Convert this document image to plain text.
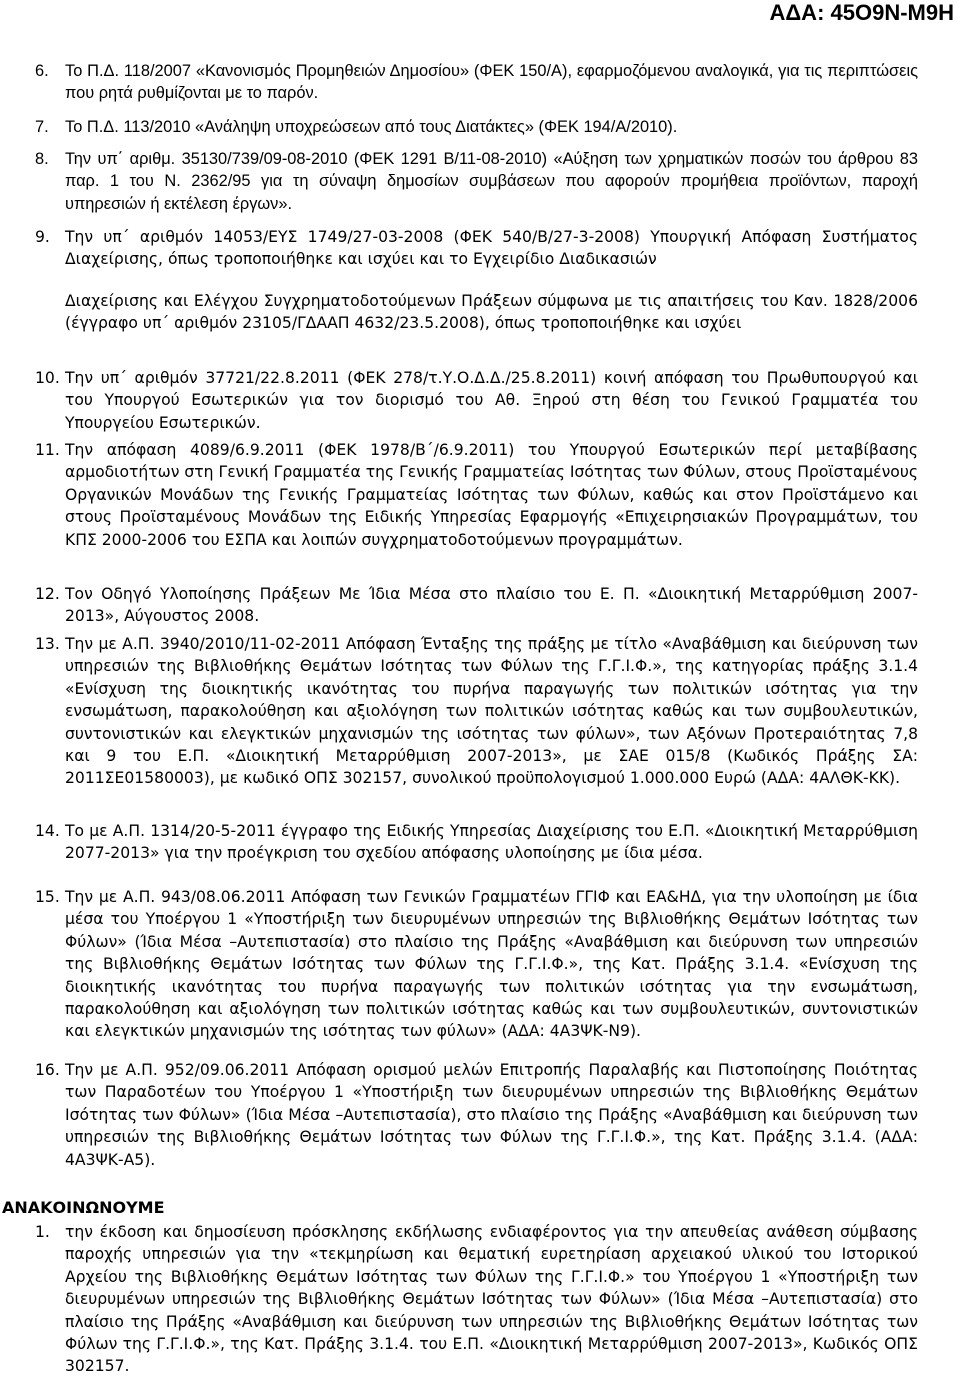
ΑΔΑ: 45Ο9Ν-Μ9Η
6. Το Π.Δ. 118/2007 «Κανονισμός Προμηθειών Δημοσίου» (ΦΕΚ 150/Α), εφαρμοζόμενου αναλογικά, για τις περιπτώσεις που ρητά ρυθμίζονται με το παρόν.
7. Το Π.Δ. 113/2010 «Ανάληψη υποχρεώσεων από τους Διατάκτες» (ΦΕΚ 194/Α/2010).
8. Την υπ΄ αριθμ. 35130/739/09-08-2010 (ΦΕΚ 1291 Β/11-08-2010) «Αύξηση των χρηματικών ποσών του άρθρου 83 παρ. 1 του Ν. 2362/95 για τη σύναψη δημοσίων συμβάσεων που αφορούν προμήθεια προϊόντων, παροχή υπηρεσιών ή εκτέλεση έργων».
9. Την υπ΄ αριθμόν 14053/ΕΥΣ 1749/27-03-2008 (ΦΕΚ 540/Β/27-3-2008) Υπουργική Απόφαση Συστήματος Διαχείρισης, όπως τροποποιήθηκε και ισχύει και το Εγχειρίδιο Διαδικασιών
Διαχείρισης και Ελέγχου Συγχρηματοδοτούμενων Πράξεων σύμφωνα με τις απαιτήσεις του Καν. 1828/2006 (έγγραφο υπ΄ αριθμόν 23105/ΓΔΑΑΠ 4632/23.5.2008), όπως τροποποιήθηκε και ισχύει
10. Την υπ΄ αριθμόν 37721/22.8.2011 (ΦΕΚ 278/τ.Υ.Ο.Δ.Δ./25.8.2011) κοινή απόφαση του Πρωθυπουργού και του Υπουργού Εσωτερικών για τον διορισμό του Αθ. Ξηρού στη θέση του Γενικού Γραμματέα του Υπουργείου Εσωτερικών.
11. Την απόφαση 4089/6.9.2011 (ΦΕΚ 1978/Β΄/6.9.2011) του Υπουργού Εσωτερικών περί μεταβίβασης αρμοδιοτήτων στη Γενική Γραμματέα της Γενικής Γραμματείας Ισότητας των Φύλων, στους Προϊσταμένους Οργανικών Μονάδων της Γενικής Γραμματείας Ισότητας των Φύλων, καθώς και στον Προϊστάμενο και στους Προϊσταμένους Μονάδων της Ειδικής Υπηρεσίας Εφαρμογής «Επιχειρησιακών Προγραμμάτων, του ΚΠΣ 2000-2006 του ΕΣΠΑ και λοιπών συγχρηματοδοτούμενων προγραμμάτων.
12. Τον Οδηγό Υλοποίησης Πράξεων Με Ίδια Μέσα στο πλαίσιο του Ε. Π. «Διοικητική Μεταρρύθμιση 2007-2013», Αύγουστος 2008.
13. Την με Α.Π. 3940/2010/11-02-2011 Απόφαση Ένταξης της πράξης με τίτλο «Αναβάθμιση και διεύρυνση των υπηρεσιών της Βιβλιοθήκης Θεμάτων Ισότητας των Φύλων της Γ.Γ.Ι.Φ.», της κατηγορίας πράξης 3.1.4 «Ενίσχυση της διοικητικής ικανότητας του πυρήνα παραγωγής των πολιτικών ισότητας για την ενσωμάτωση, παρακολούθηση και αξιολόγηση των πολιτικών ισότητας καθώς και των συμβουλευτικών, συντονιστικών και ελεγκτικών μηχανισμών της ισότητας των φύλων», των Αξόνων Προτεραιότητας 7,8 και 9 του Ε.Π. «Διοικητική Μεταρρύθμιση 2007-2013», με ΣΑΕ 015/8 (Κωδικός Πράξης ΣΑ: 2011ΣΕ01580003), με κωδικό ΟΠΣ 302157, συνολικού προϋπολογισμού 1.000.000 Ευρώ (ΑΔΑ: 4ΑΛΘΚ-ΚΚ).
14. Το με Α.Π. 1314/20-5-2011 έγγραφο της Ειδικής Υπηρεσίας Διαχείρισης του Ε.Π. «Διοικητική Μεταρρύθμιση 2077-2013» για την προέγκριση του σχεδίου απόφασης υλοποίησης με ίδια μέσα.
15. Την με Α.Π. 943/08.06.2011 Απόφαση των Γενικών Γραμματέων ΓΓΙΦ και ΕΑ&ΗΔ, για την υλοποίηση με ίδια μέσα του Υποέργου 1 «Υποστήριξη των διευρυμένων υπηρεσιών της Βιβλιοθήκης Θεμάτων Ισότητας των Φύλων» (Ίδια Μέσα –Αυτεπιστασία) στο πλαίσιο της Πράξης «Αναβάθμιση και διεύρυνση των υπηρεσιών της Βιβλιοθήκης Θεμάτων Ισότητας των Φύλων της Γ.Γ.Ι.Φ.», της Κατ. Πράξης 3.1.4. «Ενίσχυση της διοικητικής ικανότητας του πυρήνα παραγωγής των πολιτικών ισότητας για την ενσωμάτωση, παρακολούθηση και αξιολόγηση των πολιτικών ισότητας καθώς και των συμβουλευτικών, συντονιστικών και ελεγκτικών μηχανισμών της ισότητας των φύλων» (ΑΔΑ: 4Α3ΨΚ-Ν9).
16. Την με Α.Π. 952/09.06.2011 Απόφαση ορισμού μελών Επιτροπής Παραλαβής και Πιστοποίησης Ποιότητας των Παραδοτέων του Υποέργου 1 «Υποστήριξη των διευρυμένων υπηρεσιών της Βιβλιοθήκης Θεμάτων Ισότητας των Φύλων» (Ίδια Μέσα –Αυτεπιστασία), στο πλαίσιο της Πράξης «Αναβάθμιση και διεύρυνση των υπηρεσιών της Βιβλιοθήκης Θεμάτων Ισότητας των Φύλων της Γ.Γ.Ι.Φ.», της Κατ. Πράξης 3.1.4. (ΑΔΑ: 4Α3ΨΚ-Α5).
ΑΝΑΚΟΙΝΩΝΟΥΜΕ
1. την έκδοση και δημοσίευση πρόσκλησης εκδήλωσης ενδιαφέροντος για την απευθείας ανάθεση σύμβασης παροχής υπηρεσιών για την «τεκμηρίωση και θεματική ευρετηρίαση αρχειακού υλικού του Ιστορικού Αρχείου της Βιβλιοθήκης Θεμάτων Ισότητας των Φύλων της Γ.Γ.Ι.Φ.» του Υποέργου 1 «Υποστήριξη των διευρυμένων υπηρεσιών της Βιβλιοθήκης Θεμάτων Ισότητας των Φύλων» (Ίδια Μέσα –Αυτεπιστασία) στο πλαίσιο της Πράξης «Αναβάθμιση και διεύρυνση των υπηρεσιών της Βιβλιοθήκης Θεμάτων Ισότητας των Φύλων της Γ.Γ.Ι.Φ.», της Κατ. Πράξης 3.1.4. του Ε.Π. «Διοικητική Μεταρρύθμιση 2007-2013», Κωδικός ΟΠΣ 302157.
